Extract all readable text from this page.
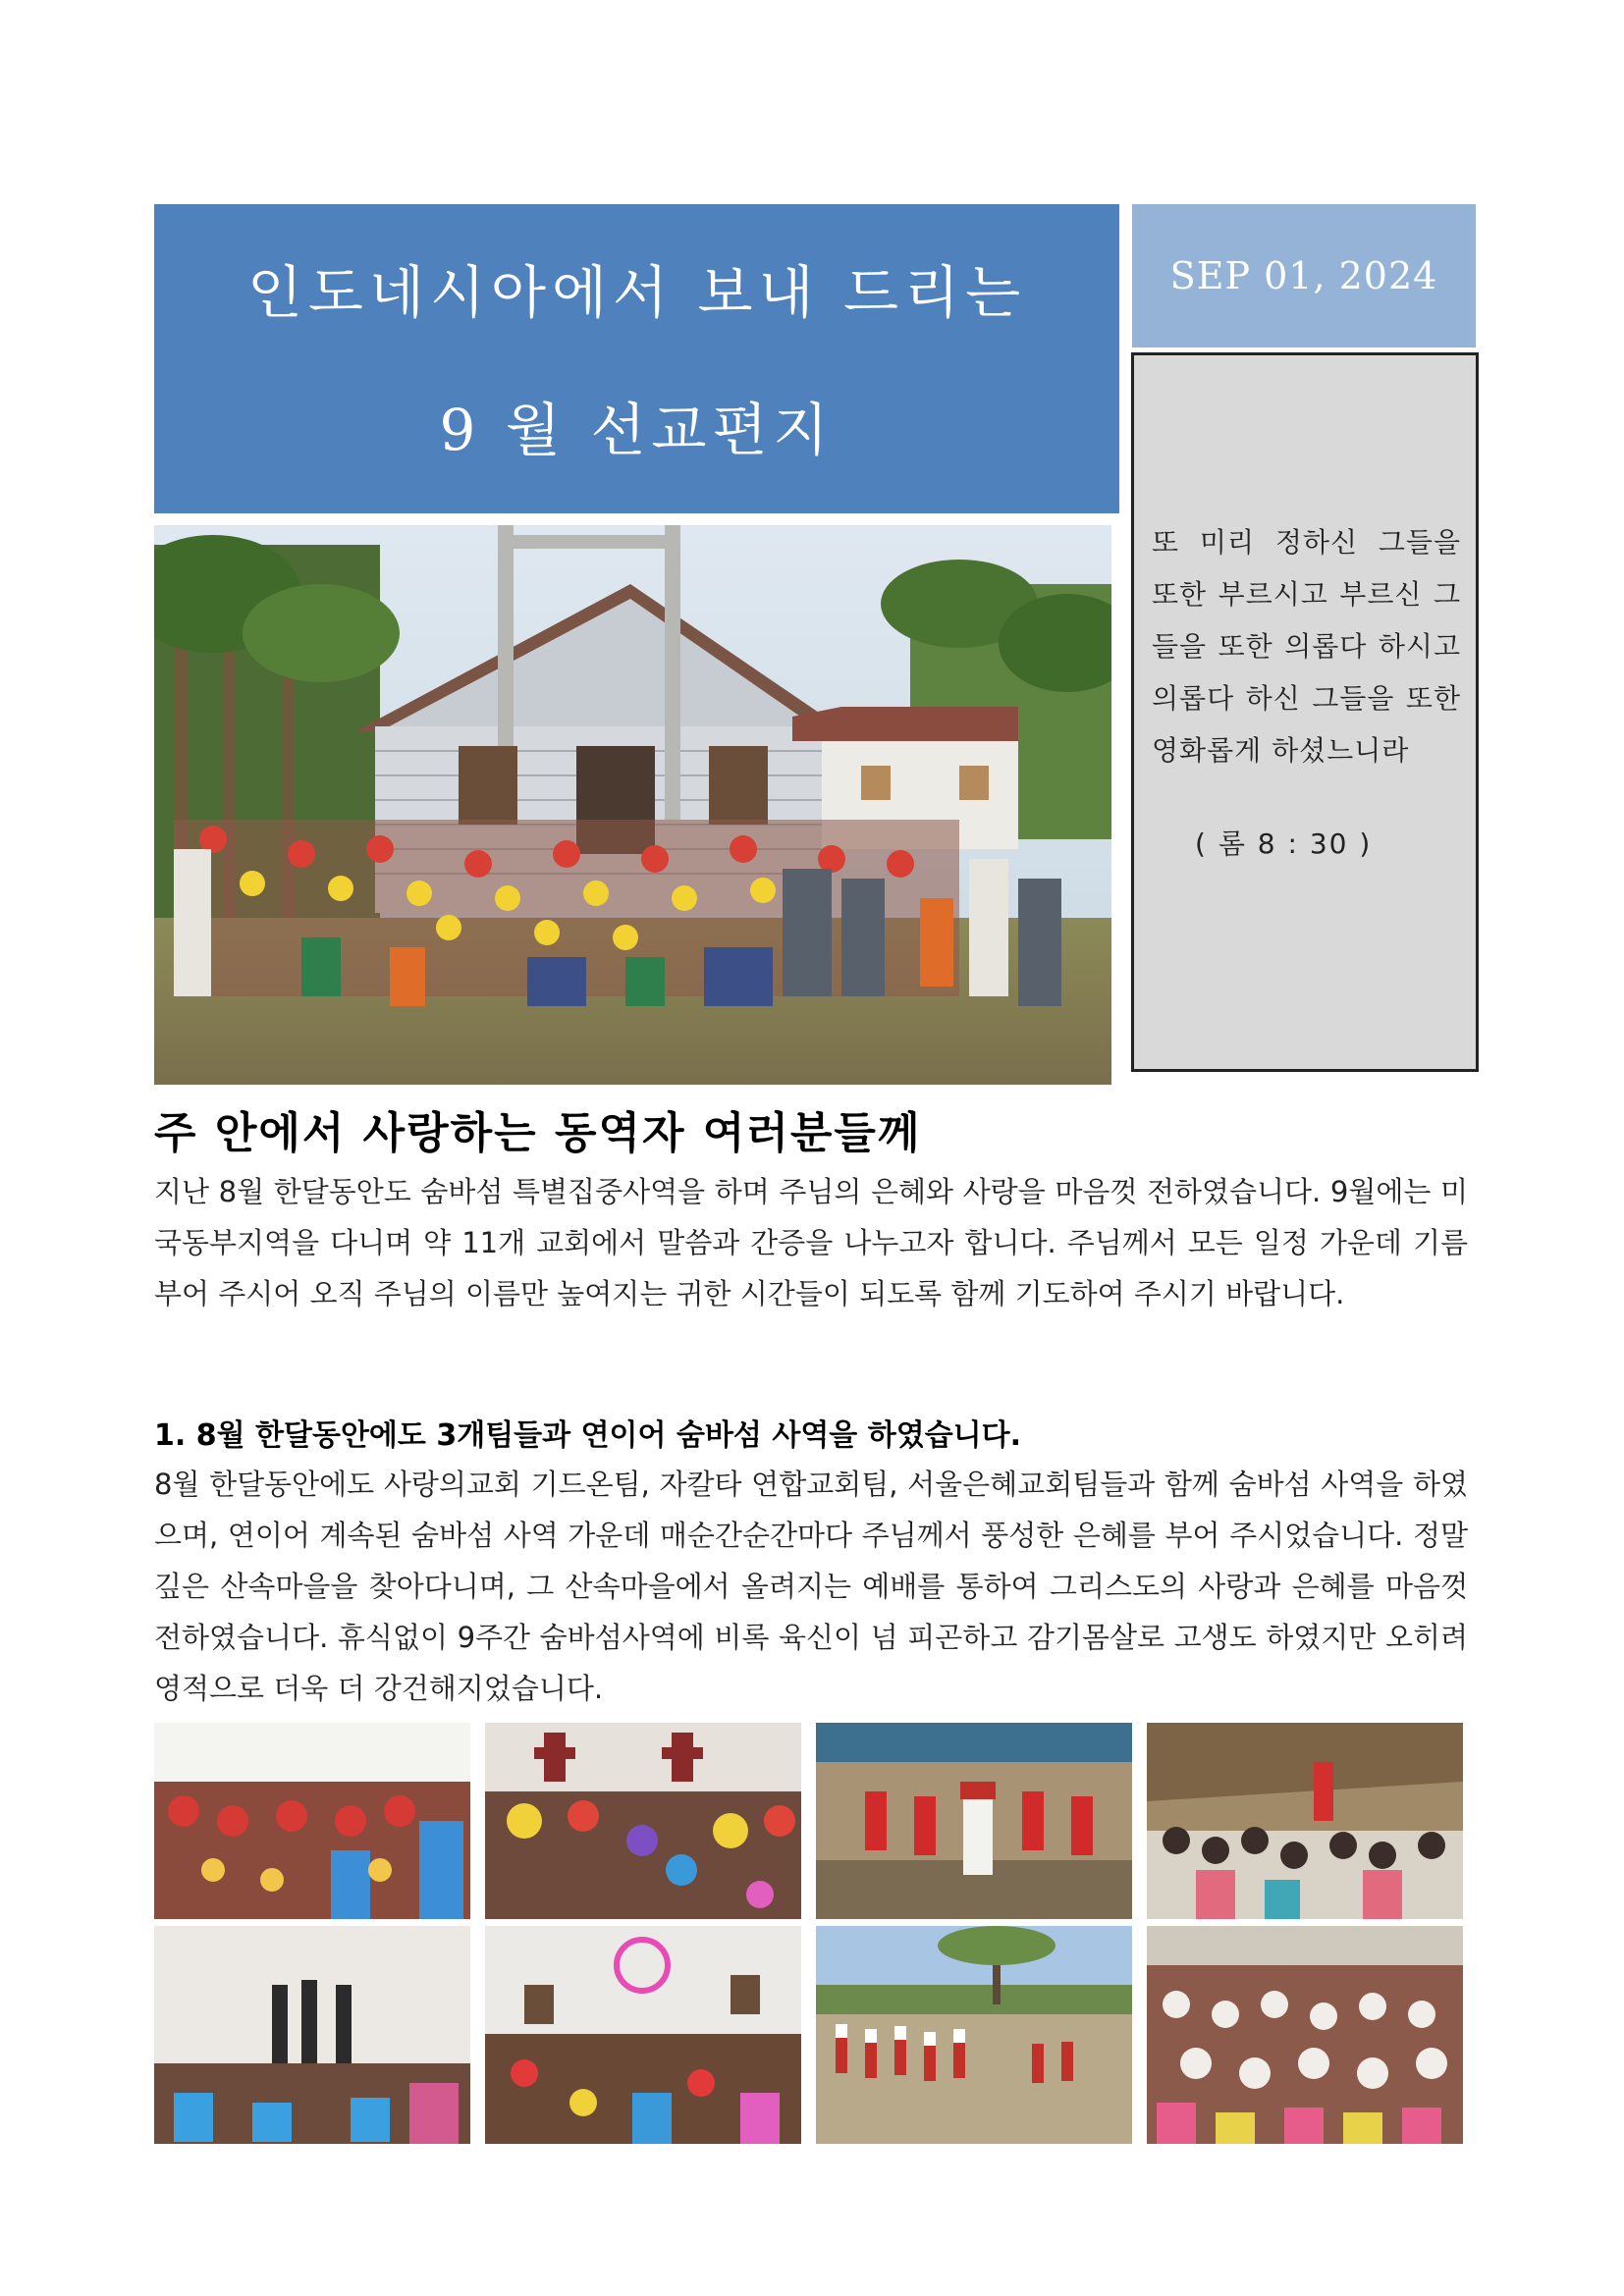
인도네시아에서 보내 드리는
9 월 선교편지
SEP 01, 2024
또 미리 정하신 그들을 또한 부르시고 부르신 그들을 또한 의롭다 하시고 의롭다 하신 그들을 또한 영화롭게 하셨느니라
( 롬 8 : 30 )
주 안에서 사랑하는 동역자 여러분들께
지난 8월 한달동안도 숨바섬 특별집중사역을 하며 주님의 은혜와 사랑을 마음껏 전하였습니다. 9월에는 미국동부지역을 다니며 약 11개 교회에서 말씀과 간증을 나누고자 합니다. 주님께서 모든 일정 가운데 기름부어 주시어 오직 주님의 이름만 높여지는 귀한 시간들이 되도록 함께 기도하여 주시기 바랍니다.
1. 8월 한달동안에도 3개팀들과 연이어 숨바섬 사역을 하였습니다.
8월 한달동안에도 사랑의교회 기드온팀, 자칼타 연합교회팀, 서울은혜교회팀들과 함께 숨바섬 사역을 하였으며, 연이어 계속된 숨바섬 사역 가운데 매순간순간마다 주님께서 풍성한 은혜를 부어 주시었습니다. 정말 깊은 산속마을을 찾아다니며, 그 산속마을에서 올려지는 예배를 통하여 그리스도의 사랑과 은혜를 마음껏 전하였습니다. 휴식없이 9주간 숨바섬사역에 비록 육신이 넘 피곤하고 감기몸살로 고생도 하였지만 오히려 영적으로 더욱 더 강건해지었습니다.
